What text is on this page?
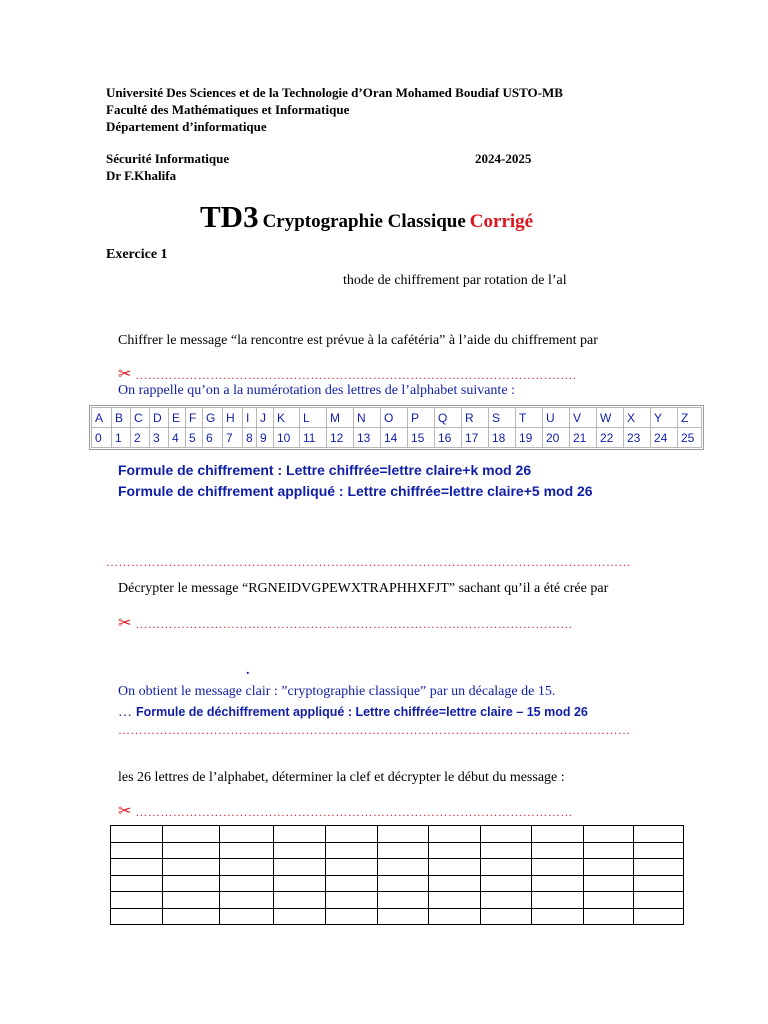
Université Des Sciences et de la Technologie d’Oran Mohamed Boudiaf USTO-MB
Faculté des Mathématiques et Informatique
Département d’informatique
Sécurité Informatique	2024-2025
Dr F.Khalifa
TD3 Cryptographie Classique Corrigé
Exercice 1
thode de chiffrement par rotation de l’al
Chiffrer le message “la rencontre est prévue à la cafétéria” à l’aide du chiffrement par
✂ …………………………………………………………………………………………….
On rappelle qu’on a la numérotation des lettres de l’alphabet suivante :
A	B	C	D	E	F	G	H	I	J	K	L	M	N	O	P	Q	R	S	T	U	V	W	X	Y	Z
0	1	2	3	4	5	6	7	8	9	10	11	12	13	14	15	16	17	18	19	20	21	22	23	24	25
Formule de chiffrement : Lettre chiffrée=lettre claire+k mod 26
Formule de chiffrement appliqué : Lettre chiffrée=lettre claire+5 mod 26
………………………………………………………………………………………………………………
Décrypter le message “RGNEIDVGPEWXTRAPHHXFJT” sachant qu’il a été crée par
✂ ……………………………………………………………………………………………
.
On obtient le message clair : ”cryptographie classique” par un décalage de 15.
… Formule de déchiffrement appliqué : Lettre chiffrée=lettre claire – 15 mod 26
……………………………………………………………………………………………………………
les 26 lettres de l’alphabet, déterminer la clef et décrypter le début du message :
✂ ……………………………………………………………………………………………
